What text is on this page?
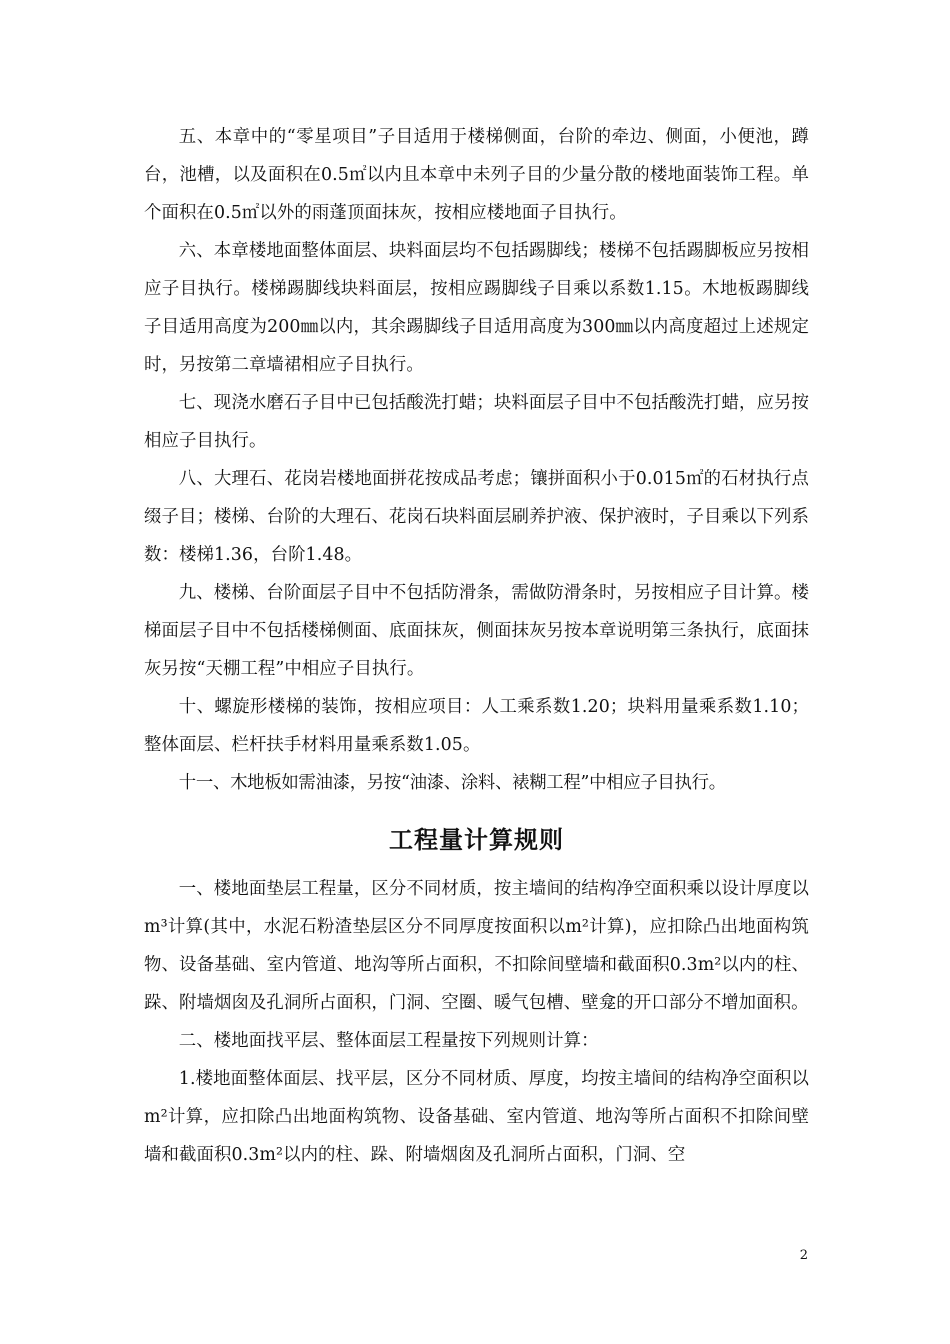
五、本章中的“零星项目”子目适用于楼梯侧面，台阶的牵边、侧面，小便池，蹲台，池槽，以及面积在0.5㎡以内且本章中未列子目的少量分散的楼地面装饰工程。单个面积在0.5㎡以外的雨蓬顶面抹灰，按相应楼地面子目执行。

六、本章楼地面整体面层、块料面层均不包括踢脚线；楼梯不包括踢脚板应另按相应子目执行。楼梯踢脚线块料面层，按相应踢脚线子目乘以系数1.15。木地板踢脚线子目适用高度为200㎜以内，其余踢脚线子目适用高度为300㎜以内高度超过上述规定时，另按第二章墙裙相应子目执行。

七、现浇水磨石子目中已包括酸洗打蜡；块料面层子目中不包括酸洗打蜡，应另按相应子目执行。

八、大理石、花岗岩楼地面拼花按成品考虑；镶拼面积小于0.015㎡的石材执行点缀子目；楼梯、台阶的大理石、花岗石块料面层刷养护液、保护液时，子目乘以下列系数：楼梯1.36，台阶1.48。

九、楼梯、台阶面层子目中不包括防滑条，需做防滑条时，另按相应子目计算。楼梯面层子目中不包括楼梯侧面、底面抹灰，侧面抹灰另按本章说明第三条执行，底面抹灰另按“天棚工程”中相应子目执行。

十、螺旋形楼梯的装饰，按相应项目：人工乘系数1.20；块料用量乘系数1.10；整体面层、栏杆扶手材料用量乘系数1.05。

十一、木地板如需油漆，另按“油漆、涂料、裱糊工程”中相应子目执行。

工程量计算规则

一、楼地面垫层工程量，区分不同材质，按主墙间的结构净空面积乘以设计厚度以m³计算(其中，水泥石粉渣垫层区分不同厚度按面积以m²计算)，应扣除凸出地面构筑物、设备基础、室内管道、地沟等所占面积，不扣除间壁墙和截面积0.3m²以内的柱、跺、附墙烟囱及孔洞所占面积，门洞、空圈、暖气包槽、壁龛的开口部分不增加面积。

二、楼地面找平层、整体面层工程量按下列规则计算：

1.楼地面整体面层、找平层，区分不同材质、厚度，均按主墙间的结构净空面积以m²计算，应扣除凸出地面构筑物、设备基础、室内管道、地沟等所占面积不扣除间壁墙和截面积0.3m²以内的柱、跺、附墙烟囱及孔洞所占面积，门洞、空

2
